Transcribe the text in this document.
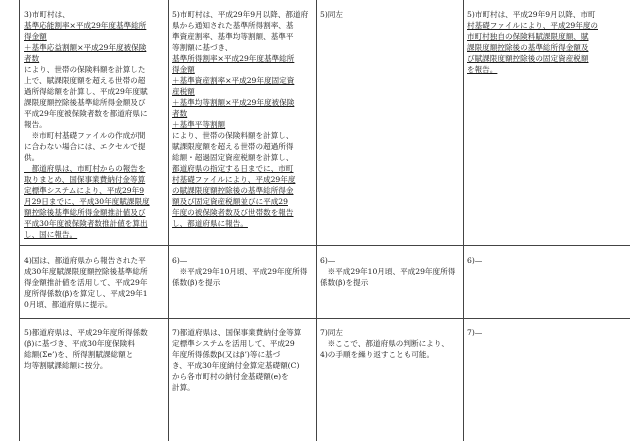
3)市町村は、
基準応能割率×平成29年度基準総所
得金額
＋基準応益割額×平成29年度被保険
者数
により、世帯の保険料額を計算した
上で、賦課限度額を超える世帯の超
過所得総額を計算し、平成29年度賦
課限度額控除後基準総所得金額及び
平成29年度被保険者数を都道府県に
報告。
　※市町村基礎ファイルの作成が間
に合わない場合には、エクセルで提
供。
　都道府県は、市町村からの報告を
取りまとめ、国保事業費納付金等算
定標準システムにより、平成29年9
月29日までに、平成30年度賦課限度
額控除後基準総所得金額推計値及び
平成30年度被保険者数推計値を算出
し、国に報告。
5)市町村は、平成29年9月以降、都道府
県から通知された基準所得割率、基
準資産割率、基準均等割額、基準平
等割額に基づき、
基準所得割率×平成29年度基準総所
得金額
＋基準資産割率×平成29年度固定資
産税額
＋基準均等割額×平成29年度被保険
者数
＋基準平等割額
により、世帯の保険料額を計算し、
賦課限度額を超える世帯の超過所得
総額・超過固定資産税額を計算し、
都道府県の指定する日までに、市町
村基礎ファイルにより、平成29年度
の賦課限度額控除後の基準総所得金
額及び固定資産税額並びに平成29
年度の被保険者数及び世帯数を報告
し、都道府県に報告。
5)同左	5)市町村は、平成29年9月以降、市町
村基礎ファイルにより、平成29年度の
市町村独自の保険料賦課限度額、賦
課限度額控除後の基準総所得金額及
び賦課限度額控除後の固定資産税額
を報告。
4)国は、都道府県から報告された平
成30年度賦課限度額控除後基準総所
得金額推計値を活用して、平成29年
度所得係数(β)を算定し、平成29年1
0月頃、都道府県に提示。
6)—
　※平成29年10月頃、平成29年度所得
係数(β)を提示
6)—
　※平成29年10月頃、平成29年度所得
係数(β)を提示
6)—
5)都道府県は、平成29年度所得係数
(β)に基づき、平成30年度保険料
総額(Σe’)を、所得割賦課総額と
均等割賦課総額に按分。
7)都道府県は、国保事業費納付金等算
定標準システムを活用して、平成29
年度所得係数β(又はβ’)等に基づ
き、平成30年度納付金算定基礎額(C)
から各市町村の納付金基礎額(e)を
計算。
7)同左
　※ここで、都道府県の判断により、
4)の手順を繰り返すことも可能。
7)—
